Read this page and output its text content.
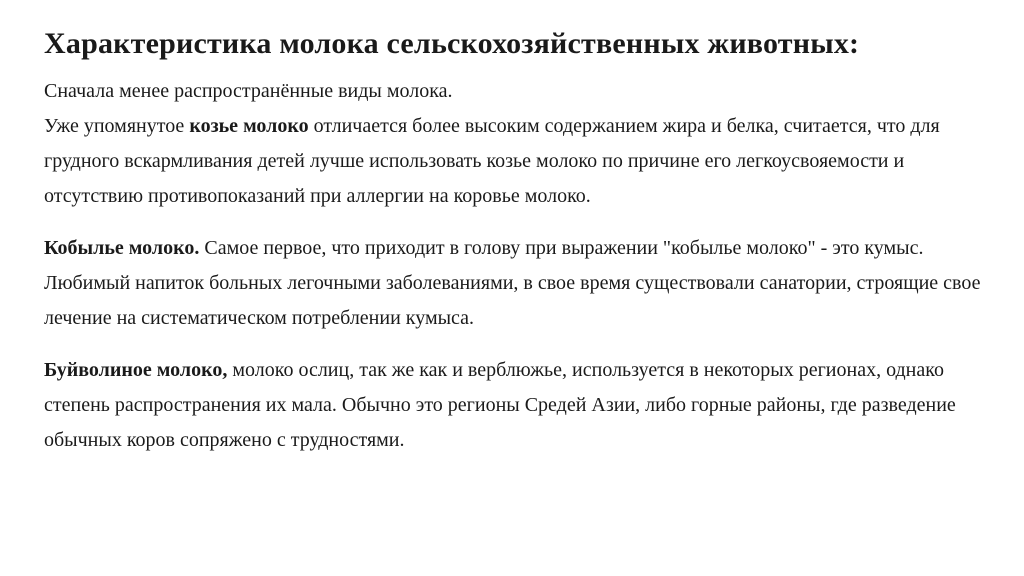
Характеристика молока сельскохозяйственных животных:

Сначала менее распространённые виды молока.

Уже упомянутое козье молоко отличается более высоким содержанием жира и белка, считается, что для грудного вскармливания детей лучше использовать козье молоко по причине его легкоусвояемости и отсутствию противопоказаний при аллергии на коровье молоко.

Кобылье молоко. Самое первое, что приходит в голову при выражении "кобылье молоко" - это кумыс. Любимый напиток больных легочными заболеваниями, в свое время существовали санатории, строящие свое лечение на систематическом потреблении кумыса.

Буйволиное молоко, молоко ослиц, так же как и верблюжье, используется в некоторых регионах, однако степень распространения их мала. Обычно это регионы Средей Азии, либо горные районы, где разведение обычных коров сопряжено с трудностями.
